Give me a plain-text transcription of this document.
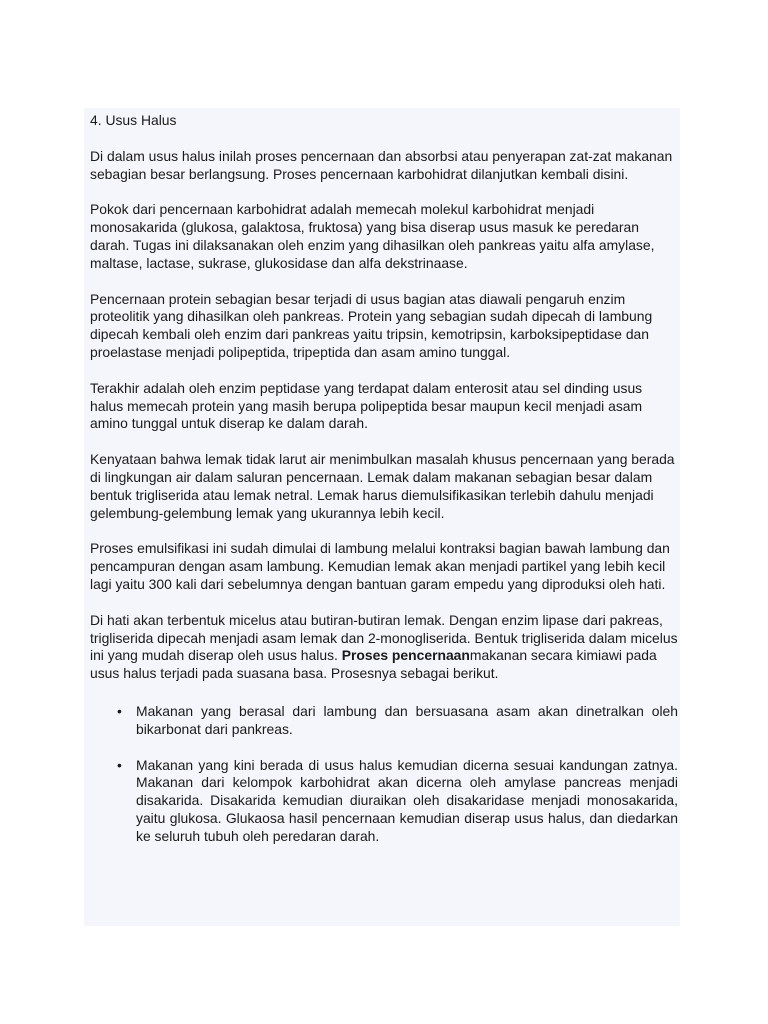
4. Usus Halus

Di dalam usus halus inilah proses pencernaan dan absorbsi atau penyerapan zat-zat makanan sebagian besar berlangsung. Proses pencernaan karbohidrat dilanjutkan kembali disini.

Pokok dari pencernaan karbohidrat adalah memecah molekul karbohidrat menjadi monosakarida (glukosa, galaktosa, fruktosa) yang bisa diserap usus masuk ke peredaran darah. Tugas ini dilaksanakan oleh enzim yang dihasilkan oleh pankreas yaitu alfa amylase, maltase, lactase, sukrase, glukosidase dan alfa dekstrinaase.

Pencernaan protein sebagian besar terjadi di usus bagian atas diawali pengaruh enzim proteolitik yang dihasilkan oleh pankreas. Protein yang sebagian sudah dipecah di lambung dipecah kembali oleh enzim dari pankreas yaitu tripsin, kemotripsin, karboksipeptidase dan proelastase menjadi polipeptida, tripeptida dan asam amino tunggal.

Terakhir adalah oleh enzim peptidase yang terdapat dalam enterosit atau sel dinding usus halus memecah protein yang masih berupa polipeptida besar maupun kecil menjadi asam amino tunggal untuk diserap ke dalam darah.

Kenyataan bahwa lemak tidak larut air menimbulkan masalah khusus pencernaan yang berada di lingkungan air dalam saluran pencernaan. Lemak dalam makanan sebagian besar dalam bentuk trigliserida atau lemak netral. Lemak harus diemulsifikasikan terlebih dahulu menjadi gelembung-gelembung lemak yang ukurannya lebih kecil.

Proses emulsifikasi ini sudah dimulai di lambung melalui kontraksi bagian bawah lambung dan pencampuran dengan asam lambung. Kemudian lemak akan menjadi partikel yang lebih kecil lagi yaitu 300 kali dari sebelumnya dengan bantuan garam empedu yang diproduksi oleh hati.

Di hati akan terbentuk micelus atau butiran-butiran lemak. Dengan enzim lipase dari pakreas, trigliserida dipecah menjadi asam lemak dan 2-monogliserida. Bentuk trigliserida dalam micelus ini yang mudah diserap oleh usus halus. Proses pencernaanmakanan secara kimiawi pada usus halus terjadi pada suasana basa. Prosesnya sebagai berikut.

• Makanan yang berasal dari lambung dan bersuasana asam akan dinetralkan oleh bikarbonat dari pankreas.
• Makanan yang kini berada di usus halus kemudian dicerna sesuai kandungan zatnya. Makanan dari kelompok karbohidrat akan dicerna oleh amylase pancreas menjadi disakarida. Disakarida kemudian diuraikan oleh disakaridase menjadi monosakarida, yaitu glukosa. Glukaosa hasil pencernaan kemudian diserap usus halus, dan diedarkan ke seluruh tubuh oleh peredaran darah.
